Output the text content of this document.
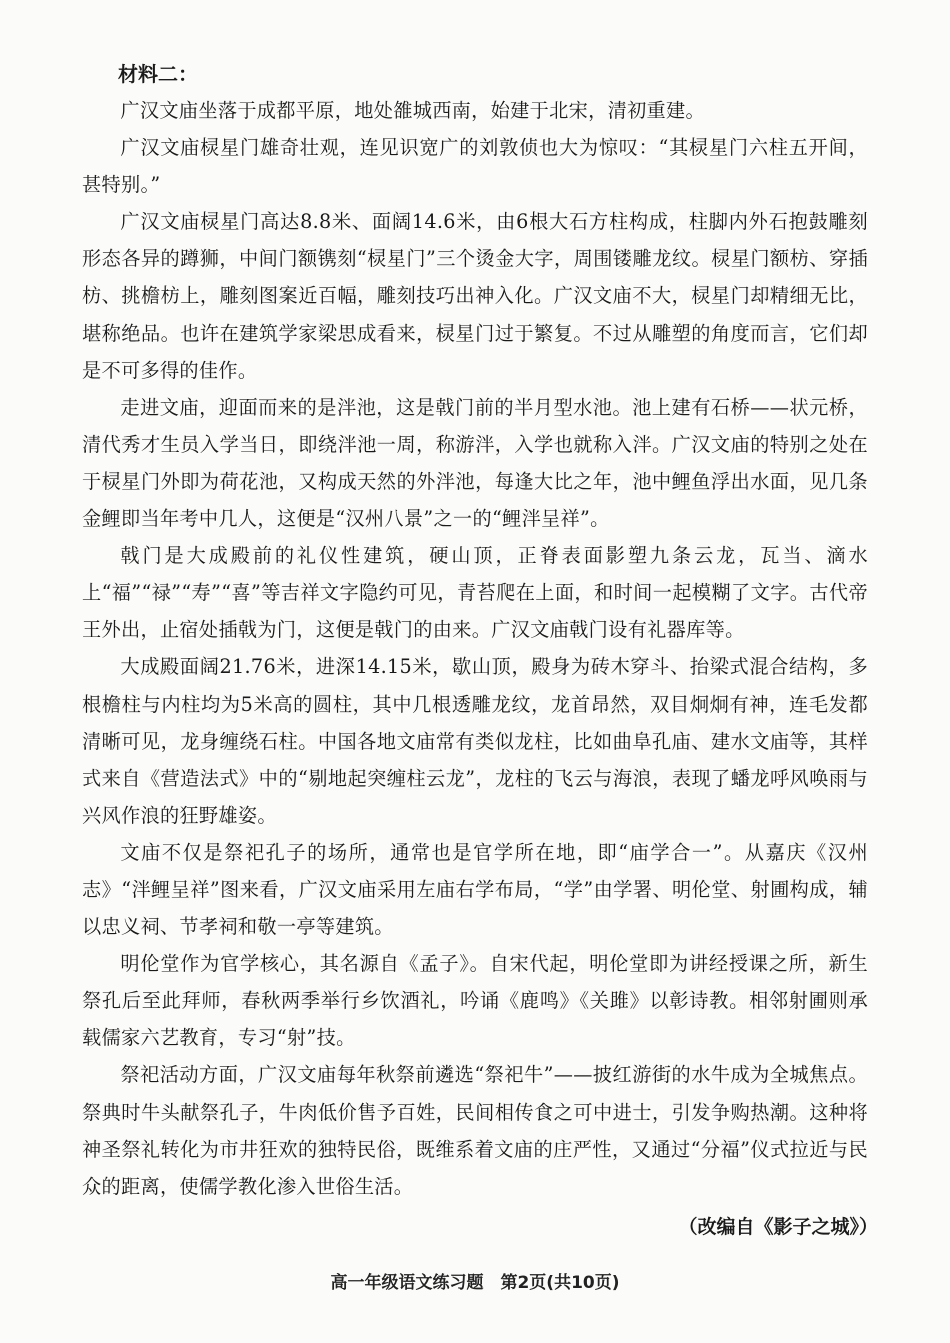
材料二：

广汉文庙坐落于成都平原，地处雒城西南，始建于北宋，清初重建。

广汉文庙棂星门雄奇壮观，连见识宽广的刘敦侦也大为惊叹：“其棂星门六柱五开间，甚特别。”

广汉文庙棂星门高达8.8米、面阔14.6米，由6根大石方柱构成，柱脚内外石抱鼓雕刻形态各异的蹲狮，中间门额镌刻“棂星门”三个烫金大字，周围镂雕龙纹。棂星门额枋、穿插枋、挑檐枋上，雕刻图案近百幅，雕刻技巧出神入化。广汉文庙不大，棂星门却精细无比，堪称绝品。也许在建筑学家梁思成看来，棂星门过于繁复。不过从雕塑的角度而言，它们却是不可多得的佳作。

走进文庙，迎面而来的是泮池，这是戟门前的半月型水池。池上建有石桥——状元桥，清代秀才生员入学当日，即绕泮池一周，称游泮，入学也就称入泮。广汉文庙的特别之处在于棂星门外即为荷花池，又构成天然的外泮池，每逢大比之年，池中鲤鱼浮出水面，见几条金鲤即当年考中几人，这便是“汉州八景”之一的“鲤泮呈祥”。

戟门是大成殿前的礼仪性建筑，硬山顶，正脊表面影塑九条云龙，瓦当、滴水上“福”“禄”“寿”“喜”等吉祥文字隐约可见，青苔爬在上面，和时间一起模糊了文字。古代帝王外出，止宿处插戟为门，这便是戟门的由来。广汉文庙戟门设有礼器库等。

大成殿面阔21.76米，进深14.15米，歇山顶，殿身为砖木穿斗、抬梁式混合结构，多根檐柱与内柱均为5米高的圆柱，其中几根透雕龙纹，龙首昂然，双目炯炯有神，连毛发都清晰可见，龙身缠绕石柱。中国各地文庙常有类似龙柱，比如曲阜孔庙、建水文庙等，其样式来自《营造法式》中的“剔地起突缠柱云龙”，龙柱的飞云与海浪，表现了蟠龙呼风唤雨与兴风作浪的狂野雄姿。

文庙不仅是祭祀孔子的场所，通常也是官学所在地，即“庙学合一”。从嘉庆《汉州志》“泮鲤呈祥”图来看，广汉文庙采用左庙右学布局，“学”由学署、明伦堂、射圃构成，辅以忠义祠、节孝祠和敬一亭等建筑。

明伦堂作为官学核心，其名源自《孟子》。自宋代起，明伦堂即为讲经授课之所，新生祭孔后至此拜师，春秋两季举行乡饮酒礼，吟诵《鹿鸣》《关雎》以彰诗教。相邻射圃则承载儒家六艺教育，专习“射”技。

祭祀活动方面，广汉文庙每年秋祭前遴选“祭祀牛”——披红游街的水牛成为全城焦点。祭典时牛头献祭孔子，牛肉低价售予百姓，民间相传食之可中进士，引发争购热潮。这种将神圣祭礼转化为市井狂欢的独特民俗，既维系着文庙的庄严性，又通过“分福”仪式拉近与民众的距离，使儒学教化渗入世俗生活。

（改编自《影子之城》）
高一年级语文练习题　第2页(共10页)
